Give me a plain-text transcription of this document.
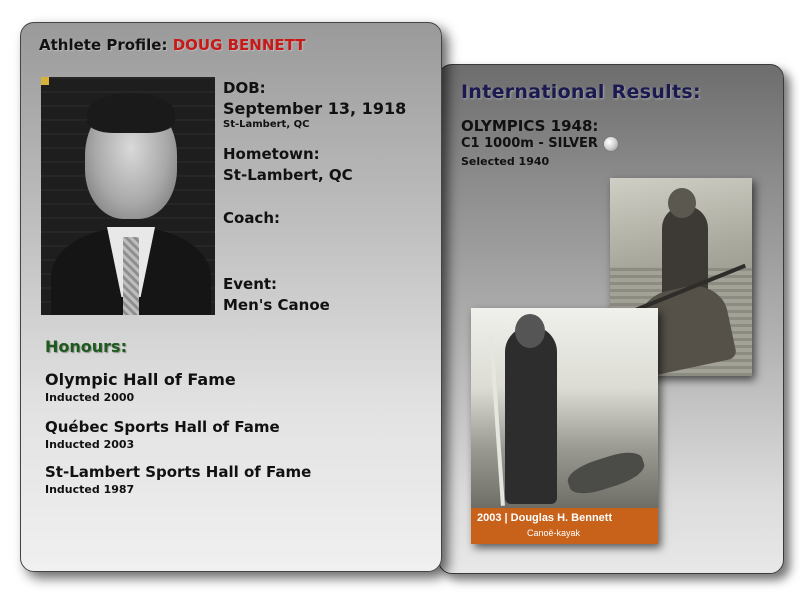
International Results:
OLYMPICS 1948:
C1 1000m - SILVER
Selected 1940
2003 | Douglas H. Bennett
Canoë-kayak
Athlete Profile: DOUG BENNETT
DOB:
September 13, 1918
St-Lambert, QC
Hometown:
St-Lambert, QC
Coach:
Event:
Men's Canoe
Honours:
Olympic Hall of Fame
Inducted 2000
Québec Sports Hall of Fame
Inducted 2003
St-Lambert Sports Hall of Fame
Inducted 1987
